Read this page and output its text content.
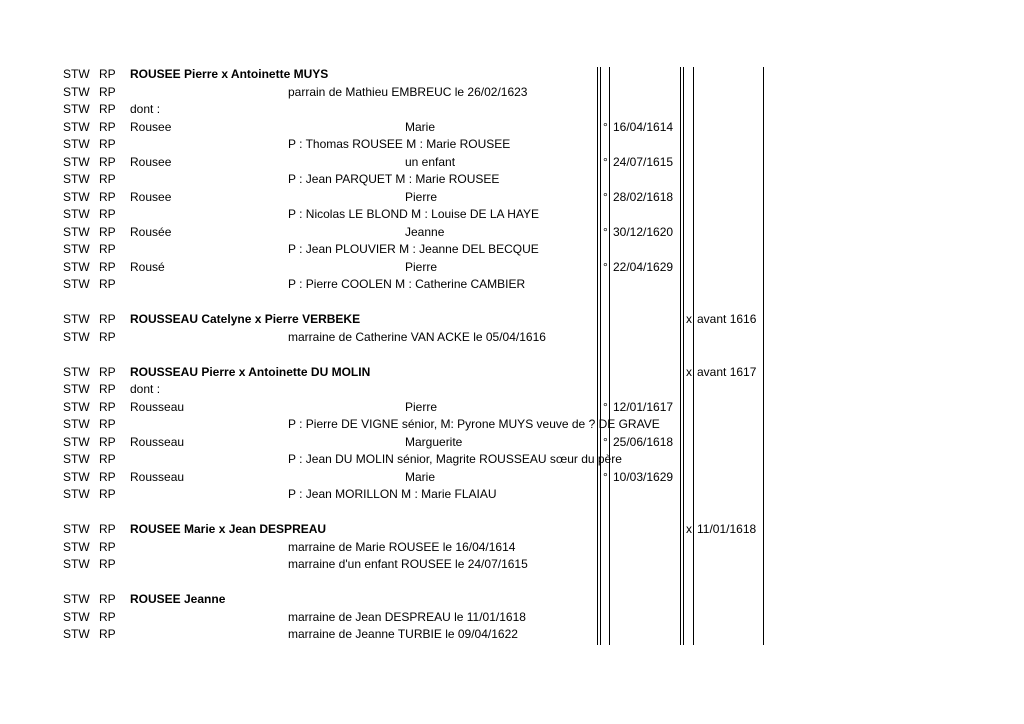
STW RP ROUSEE Pierre x Antoinette MUYS
STW RP	parrain de Mathieu EMBREUC le 26/02/1623
STW RP dont :
STW RP Rousee	Marie	° 16/04/1614
STW RP	P : Thomas ROUSEE M : Marie ROUSEE
STW RP Rousee	un enfant	° 24/07/1615
STW RP	P : Jean PARQUET M : Marie ROUSEE
STW RP Rousee	Pierre	° 28/02/1618
STW RP	P : Nicolas LE BLOND M : Louise DE LA HAYE
STW RP Rousée	Jeanne	° 30/12/1620
STW RP	P : Jean PLOUVIER M : Jeanne DEL BECQUE
STW RP Rousé	Pierre	° 22/04/1629
STW RP	P : Pierre COOLEN M : Catherine CAMBIER
STW RP ROUSSEAU Catelyne x Pierre VERBEKE	x avant 1616
STW RP	marraine de Catherine VAN ACKE le 05/04/1616
STW RP ROUSSEAU Pierre x Antoinette DU MOLIN	x avant 1617
STW RP dont :
STW RP Rousseau	Pierre	° 12/01/1617
STW RP	P : Pierre DE VIGNE sénior, M: Pyrone MUYS veuve de ? DE GRAVE
STW RP Rousseau	Marguerite	° 25/06/1618
STW RP	P : Jean DU MOLIN sénior, Magrite ROUSSEAU sœur du père
STW RP Rousseau	Marie	° 10/03/1629
STW RP	P : Jean MORILLON M : Marie FLAIAU
STW RP ROUSEE Marie x Jean DESPREAU	x 11/01/1618
STW RP	marraine de Marie ROUSEE le 16/04/1614
STW RP	marraine d'un enfant ROUSEE le 24/07/1615
STW RP ROUSEE Jeanne
STW RP	marraine de Jean DESPREAU le 11/01/1618
STW RP	marraine de Jeanne TURBIE le 09/04/1622
